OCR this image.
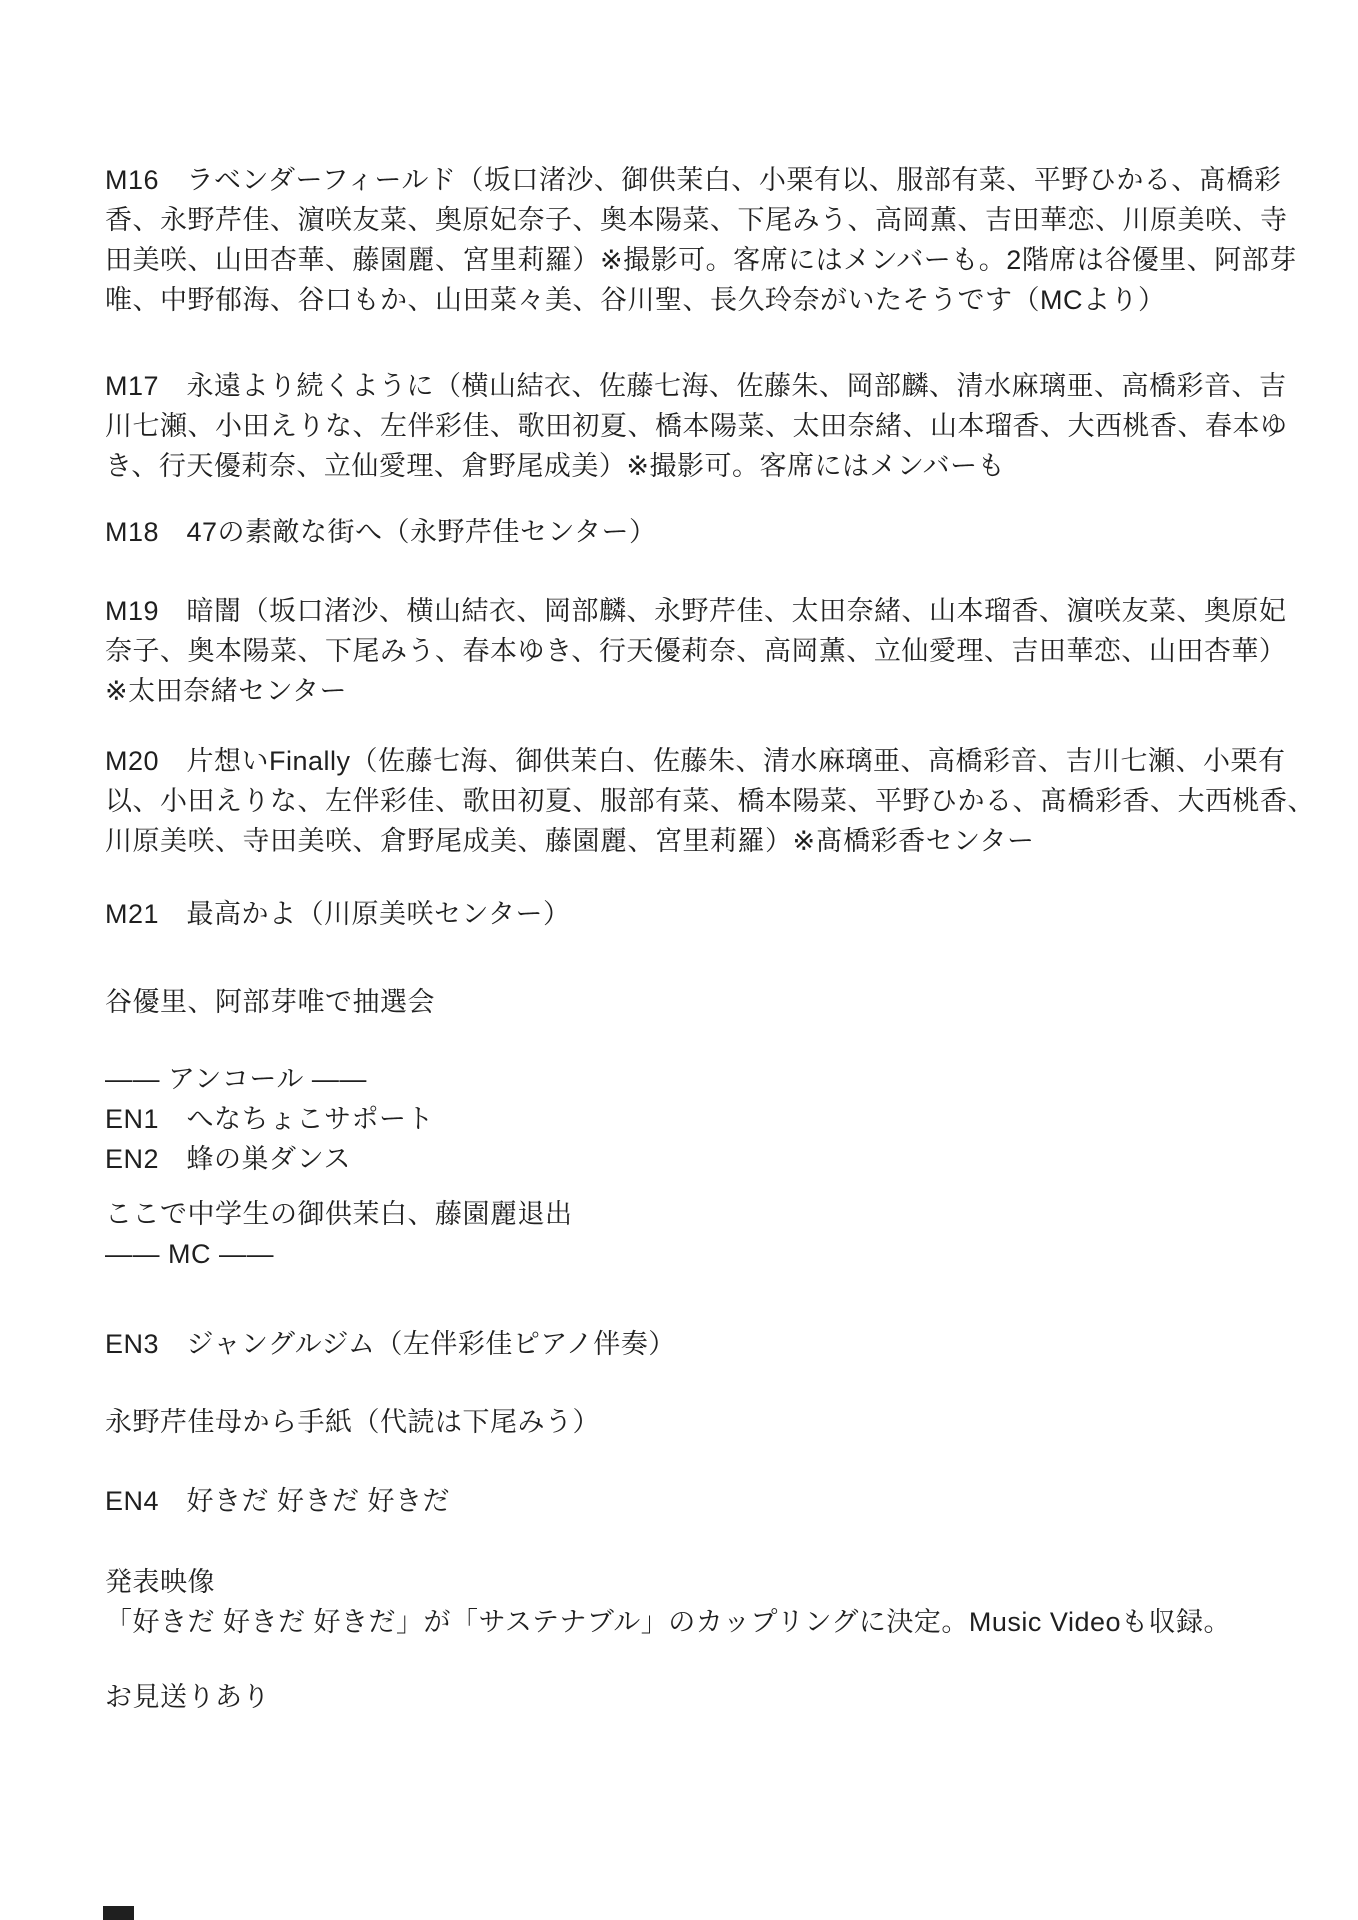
M16　ラベンダーフィールド（坂口渚沙、御供茉白、小栗有以、服部有菜、平野ひかる、髙橋彩

香、永野芹佳、濵咲友菜、奥原妃奈子、奥本陽菜、下尾みう、高岡薫、吉田華恋、川原美咲、寺

田美咲、山田杏華、藤園麗、宮里莉羅）※撮影可。客席にはメンバーも。2階席は谷優里、阿部芽

唯、中野郁海、谷口もか、山田菜々美、谷川聖、長久玲奈がいたそうです（MCより）

M17　永遠より続くように（横山結衣、佐藤七海、佐藤朱、岡部麟、清水麻璃亜、高橋彩音、吉

川七瀬、小田えりな、左伴彩佳、歌田初夏、橋本陽菜、太田奈緒、山本瑠香、大西桃香、春本ゆ

き、行天優莉奈、立仙愛理、倉野尾成美）※撮影可。客席にはメンバーも

M18　47の素敵な街へ（永野芹佳センター）

M19　暗闇（坂口渚沙、横山結衣、岡部麟、永野芹佳、太田奈緒、山本瑠香、濵咲友菜、奥原妃

奈子、奥本陽菜、下尾みう、春本ゆき、行天優莉奈、高岡薫、立仙愛理、吉田華恋、山田杏華）

※太田奈緒センター

M20　片想いFinally（佐藤七海、御供茉白、佐藤朱、清水麻璃亜、高橋彩音、吉川七瀬、小栗有

以、小田えりな、左伴彩佳、歌田初夏、服部有菜、橋本陽菜、平野ひかる、髙橋彩香、大西桃香、

川原美咲、寺田美咲、倉野尾成美、藤園麗、宮里莉羅）※髙橋彩香センター

M21　最高かよ（川原美咲センター）

谷優里、阿部芽唯で抽選会

―― アンコール ――

EN1　へなちょこサポート

EN2　蜂の巣ダンス

ここで中学生の御供茉白、藤園麗退出

―― MC ――

EN3　ジャングルジム（左伴彩佳ピアノ伴奏）

永野芹佳母から手紙（代読は下尾みう）

EN4　好きだ 好きだ 好きだ

発表映像

「好きだ 好きだ 好きだ」が「サステナブル」のカップリングに決定。Music Videoも収録。

お見送りあり
